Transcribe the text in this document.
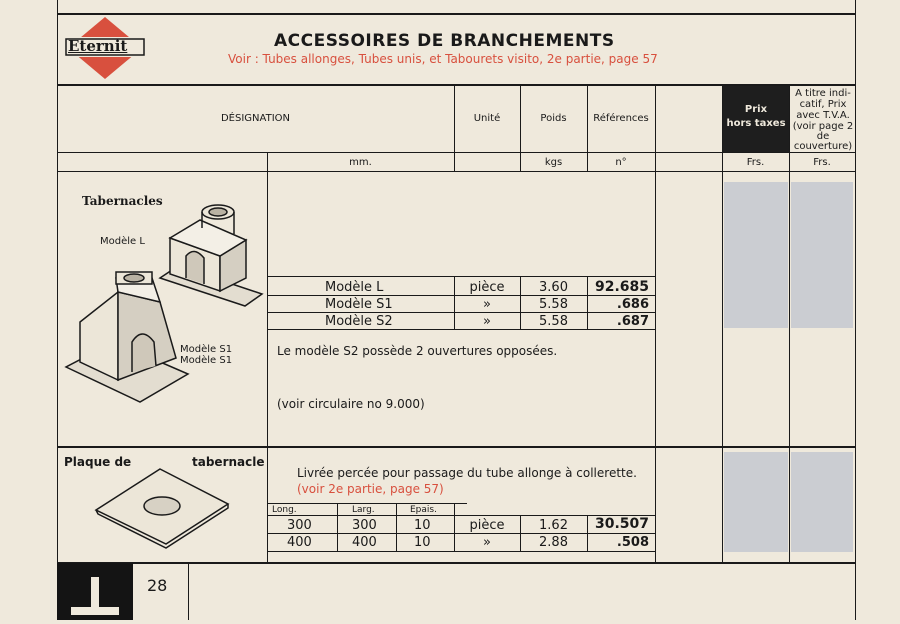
Eternit	ACCESSOIRES DE BRANCHEMENTS
Voir : Tubes allonges, Tubes unis, et Tabourets visito, 2e partie, page 57
Prix
hors taxes
A titre indi-
catif, Prix
avec T.V.A.
(voir page 2
de
couverture)
DÉSIGNATION	Unité	Poids	Références
mm.	kgs	n°	Frs.	Frs.
Tabernacles
Modèle L
Modèle S1
Modèle S1
Modèle L	pièce	3.60	92.685
Modèle S1	»	5.58	.686
Modèle S2	»	5.58	.687
Le modèle S2 possède 2 ouvertures opposées.
(voir circulaire no 9.000)
Plaque de	tabernacle
Livrée percée pour passage du tube allonge à collerette.
(voir 2e partie, page 57)
Long.	Larg.	Epais.
300	300	10	pièce	1.62	30.507
400	400	10	»	2.88	.508
28
